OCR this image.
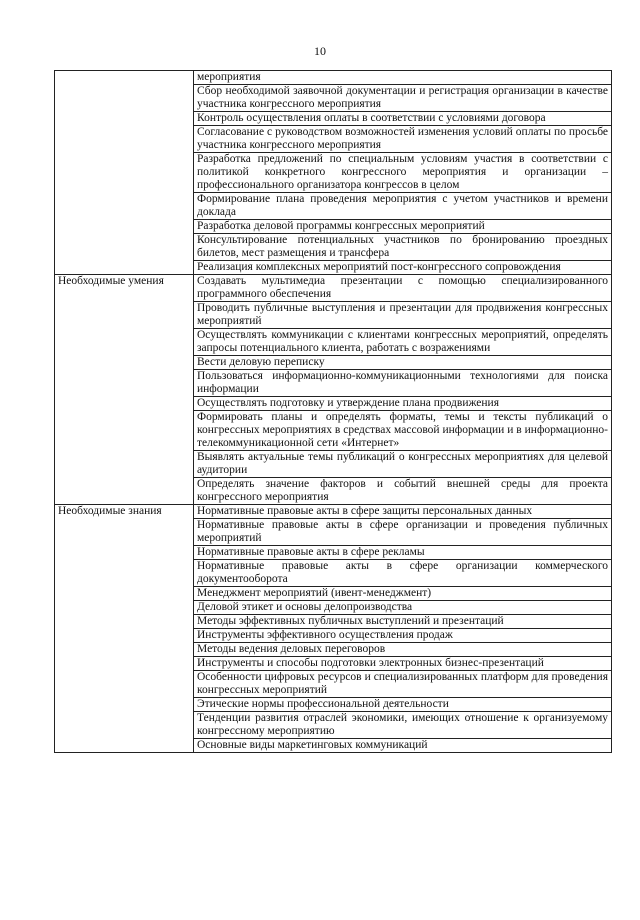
10
	мероприятия
	Сбор необходимой заявочной документации и регистрация организации в качестве участника конгрессного мероприятия
	Контроль осуществления оплаты в соответствии с условиями договора
	Согласование с руководством возможностей изменения условий оплаты по просьбе участника конгрессного мероприятия
	Разработка предложений по специальным условиям участия в соответствии с политикой конкретного конгрессного мероприятия и организации – профессионального организатора конгрессов в целом
	Формирование плана проведения мероприятия с учетом участников и времени доклада
	Разработка деловой программы конгрессных мероприятий
	Консультирование потенциальных участников по бронированию проездных билетов, мест размещения и трансфера
	Реализация комплексных мероприятий пост-конгрессного сопровождения
Необходимые умения	Создавать мультимедиа презентации с помощью специализированного программного обеспечения
	Проводить публичные выступления и презентации для продвижения конгрессных мероприятий
	Осуществлять коммуникации с клиентами конгрессных мероприятий, определять запросы потенциального клиента, работать с возражениями
	Вести деловую переписку
	Пользоваться информационно-коммуникационными технологиями для поиска информации
	Осуществлять подготовку и утверждение плана продвижения
	Формировать планы и определять форматы, темы и тексты публикаций о конгрессных мероприятиях в средствах массовой информации и в информационно-телекоммуникационной сети «Интернет»
	Выявлять актуальные темы публикаций о конгрессных мероприятиях для целевой аудитории
	Определять значение факторов и событий внешней среды для проекта конгрессного мероприятия
Необходимые знания	Нормативные правовые акты в сфере защиты персональных данных
	Нормативные правовые акты в сфере организации и проведения публичных мероприятий
	Нормативные правовые акты в сфере рекламы
	Нормативные правовые акты в сфере организации коммерческого документооборота
	Менеджмент мероприятий (ивент-менеджмент)
	Деловой этикет и основы делопроизводства
	Методы эффективных публичных выступлений и презентаций
	Инструменты эффективного осуществления продаж
	Методы ведения деловых переговоров
	Инструменты и способы подготовки электронных бизнес-презентаций
	Особенности цифровых ресурсов и специализированных платформ для проведения конгрессных мероприятий
	Этические нормы профессиональной деятельности
	Тенденции развития отраслей экономики, имеющих отношение к организуемому конгрессному мероприятию
	Основные виды маркетинговых коммуникаций
